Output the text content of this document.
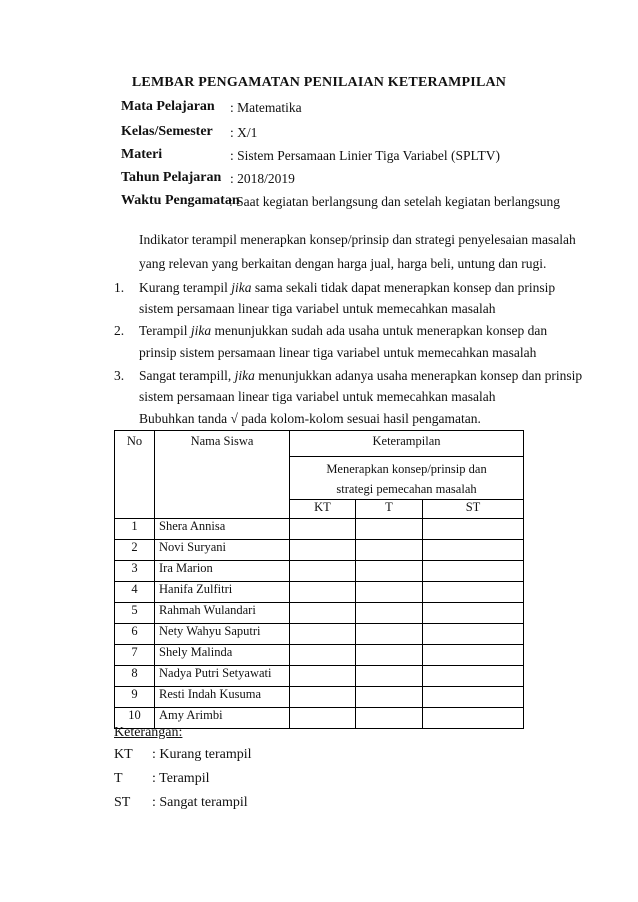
LEMBAR PENGAMATAN PENILAIAN KETERAMPILAN
Mata Pelajaran : Matematika
Kelas/Semester : X/1
Materi	: Sistem Persamaan Linier Tiga Variabel (SPLTV)
Tahun Pelajaran : 2018/2019
Waktu Pengamatan
: Saat kegiatan berlangsung dan setelah kegiatan berlangsung
Indikator terampil menerapkan konsep/prinsip dan strategi penyelesaian masalah
yang relevan yang berkaitan dengan harga jual, harga beli, untung dan rugi.
1. Kurang terampil jika sama sekali tidak dapat menerapkan konsep dan prinsip
sistem persamaan linear tiga variabel untuk memecahkan masalah
2. Terampil jika menunjukkan sudah ada usaha untuk menerapkan konsep dan
prinsip sistem persamaan linear tiga variabel untuk memecahkan masalah
3. Sangat terampill, jika menunjukkan adanya usaha menerapkan konsep dan prinsip
sistem persamaan linear tiga variabel untuk memecahkan masalah
Bubuhkan tanda √ pada kolom-kolom sesuai hasil pengamatan.
No	Nama Siswa	Keterampilan		

		Menerapkan konsep/prinsip dan
strategi pemecahan masalah		

		KT	T	ST
1	Shera Annisa			
2	Novi Suryani			
3	Ira Marion			
4	Hanifa Zulfitri			
5	Rahmah Wulandari			
6	Nety Wahyu Saputri			
7	Shely Malinda			
8	Nadya Putri Setyawati			
9	Resti Indah Kusuma			
10	Amy Arimbi			
Keterangan:
KT : Kurang terampil
T : Terampil
ST : Sangat terampil
